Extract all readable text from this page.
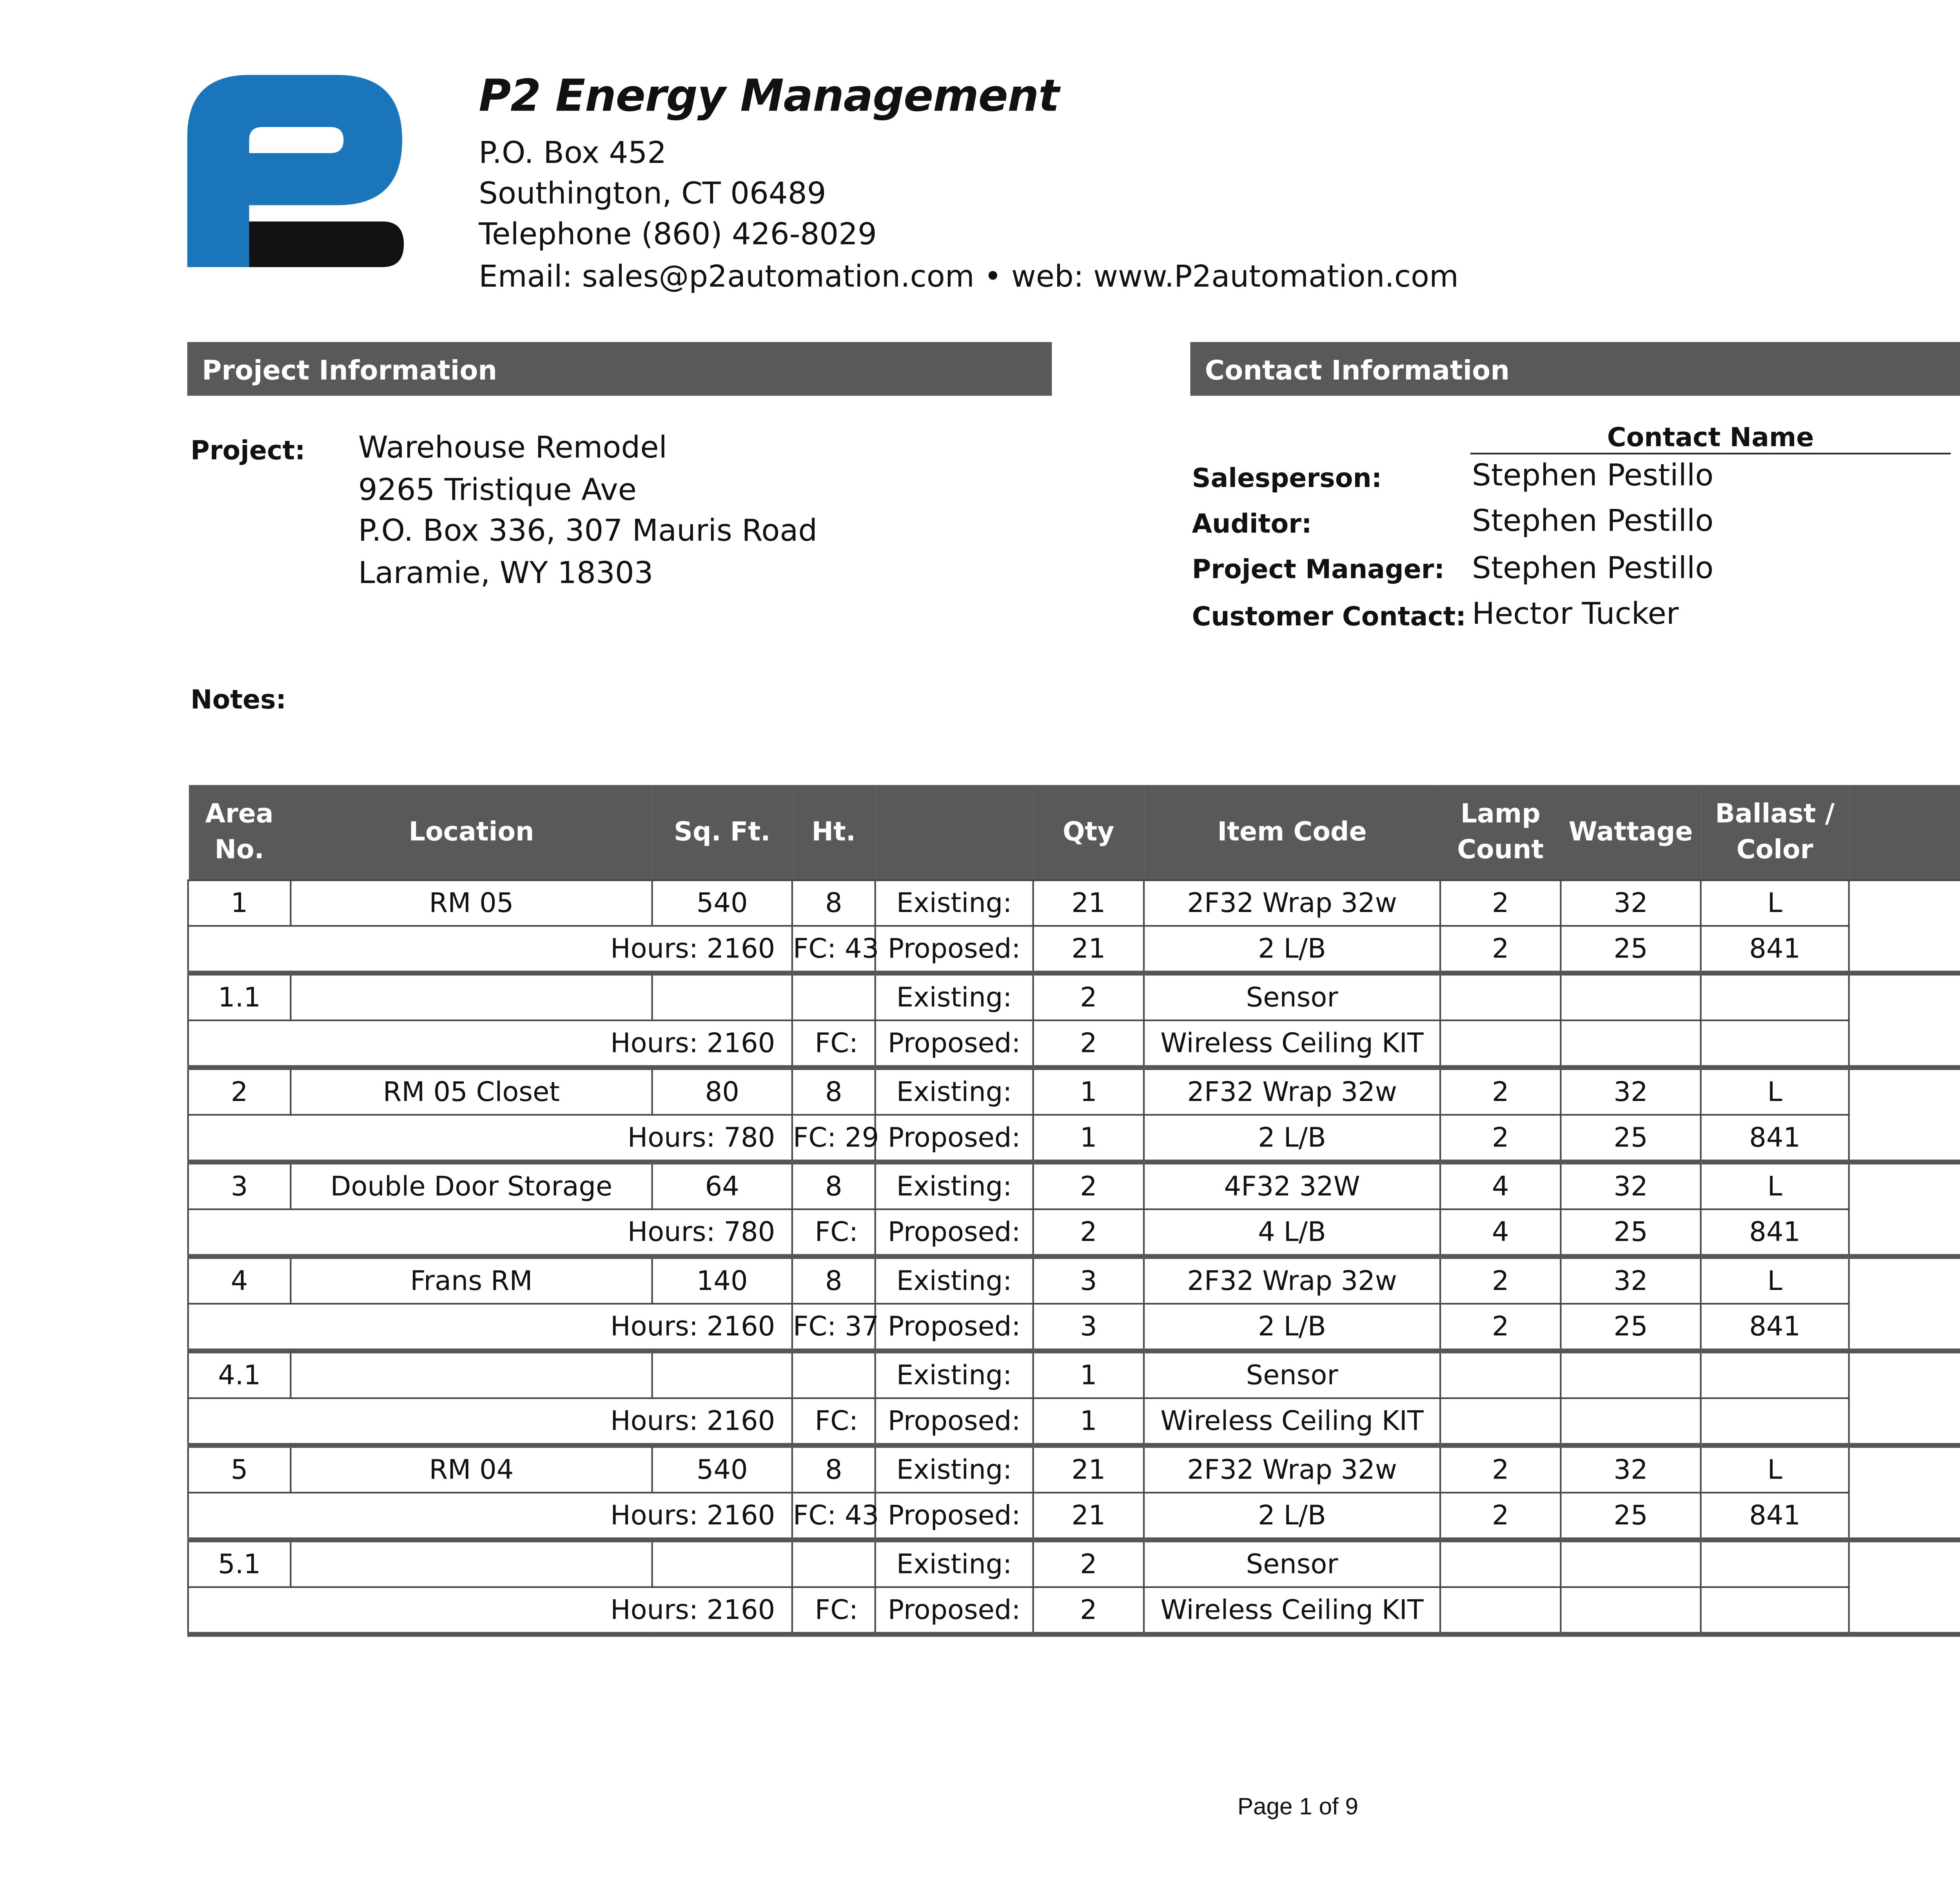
P2 Energy Management
P.O. Box 452
Southington, CT 06489
Telephone (860) 426-8029
Email: sales@p2automation.com • web: www.P2automation.com
Project Information
Project:	Warehouse Remodel
9265 Tristique Ave
P.O. Box 336, 307 Mauris Road
Laramie, WY 18303
Notes:
Contact Information
Contact Name
Salesperson:	Stephen Pestillo
Auditor:	Stephen Pestillo
Project Manager:	Stephen Pestillo
Customer Contact: Hector Tucker
Area
No.	Location	Sq. Ft.	Ht.		Qty	Item Code	Lamp
Count	Wattage	Ballast /
Color	
1	RM 05	540	8	Existing:	21	2F32 Wrap 32w	2	32	L	
Hours: 2160			FC: 43	Proposed:	21	2 L/B	2	25	841	
1.1				Existing:	2	Sensor				
Hours: 2160			FC:	Proposed:	2	Wireless Ceiling KIT				
2	RM 05 Closet	80	8	Existing:	1	2F32 Wrap 32w	2	32	L	
Hours: 780			FC: 29	Proposed:	1	2 L/B	2	25	841	
3	Double Door Storage	64	8	Existing:	2	4F32 32W	4	32	L	
Hours: 780			FC:	Proposed:	2	4 L/B	4	25	841	
4	Frans RM	140	8	Existing:	3	2F32 Wrap 32w	2	32	L	
Hours: 2160			FC: 37	Proposed:	3	2 L/B	2	25	841	
4.1				Existing:	1	Sensor				
Hours: 2160			FC:	Proposed:	1	Wireless Ceiling KIT				
5	RM 04	540	8	Existing:	21	2F32 Wrap 32w	2	32	L	
Hours: 2160			FC: 43	Proposed:	21	2 L/B	2	25	841	
5.1				Existing:	2	Sensor				
Hours: 2160			FC:	Proposed:	2	Wireless Ceiling KIT				
Page 1 of 9
